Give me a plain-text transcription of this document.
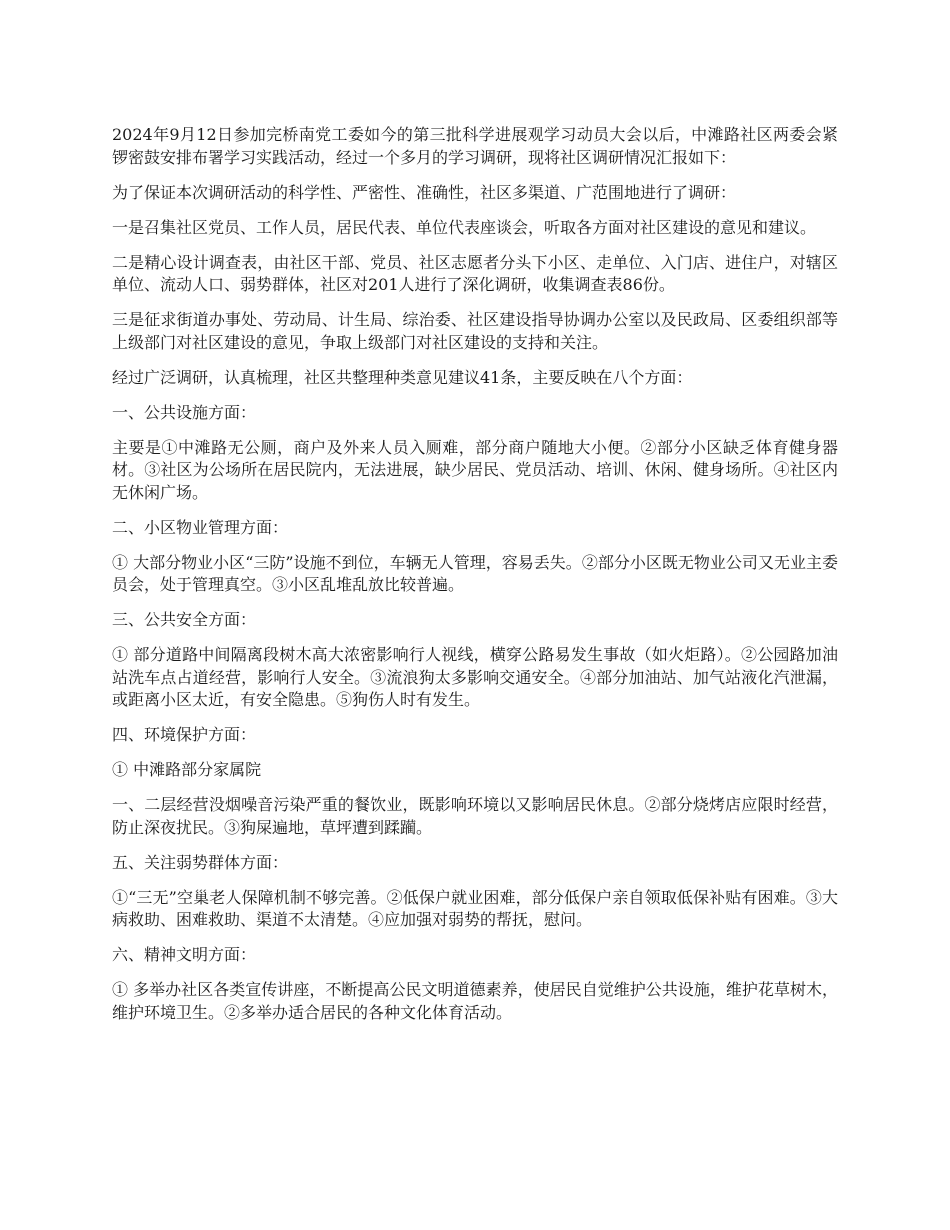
2024年9月12日参加完桥南党工委如今的第三批科学进展观学习动员大会以后，中滩路社区两委会紧锣密鼓安排布署学习实践活动，经过一个多月的学习调研，现将社区调研情况汇报如下：

为了保证本次调研活动的科学性、严密性、准确性，社区多渠道、广范围地进行了调研：

一是召集社区党员、工作人员，居民代表、单位代表座谈会，听取各方面对社区建设的意见和建议。

二是精心设计调查表，由社区干部、党员、社区志愿者分头下小区、走单位、入门店、进住户，对辖区单位、流动人口、弱势群体，社区对201人进行了深化调研，收集调查表86份。

三是征求街道办事处、劳动局、计生局、综治委、社区建设指导协调办公室以及民政局、区委组织部等上级部门对社区建设的意见，争取上级部门对社区建设的支持和关注。

经过广泛调研，认真梳理，社区共整理种类意见建议41条，主要反映在八个方面：

一、公共设施方面：

主要是①中滩路无公厕，商户及外来人员入厕难，部分商户随地大小便。②部分小区缺乏体育健身器材。③社区为公场所在居民院内，无法进展，缺少居民、党员活动、培训、休闲、健身场所。④社区内无休闲广场。

二、小区物业管理方面：

① 大部分物业小区“三防”设施不到位，车辆无人管理，容易丢失。②部分小区既无物业公司又无业主委员会，处于管理真空。③小区乱堆乱放比较普遍。

三、公共安全方面：

① 部分道路中间隔离段树木高大浓密影响行人视线，横穿公路易发生事故（如火炬路）。②公园路加油站洗车点占道经营，影响行人安全。③流浪狗太多影响交通安全。④部分加油站、加气站液化汽泄漏，或距离小区太近，有安全隐患。⑤狗伤人时有发生。

四、环境保护方面：

① 中滩路部分家属院

一、二层经营没烟噪音污染严重的餐饮业，既影响环境以又影响居民休息。②部分烧烤店应限时经营，防止深夜扰民。③狗屎遍地，草坪遭到蹂躏。

五、关注弱势群体方面：

①“三无”空巢老人保障机制不够完善。②低保户就业困难，部分低保户亲自领取低保补贴有困难。③大病救助、困难救助、渠道不太清楚。④应加强对弱势的帮抚，慰问。

六、精神文明方面：

① 多举办社区各类宣传讲座，不断提高公民文明道德素养，使居民自觉维护公共设施，维护花草树木，维护环境卫生。②多举办适合居民的各种文化体育活动。
